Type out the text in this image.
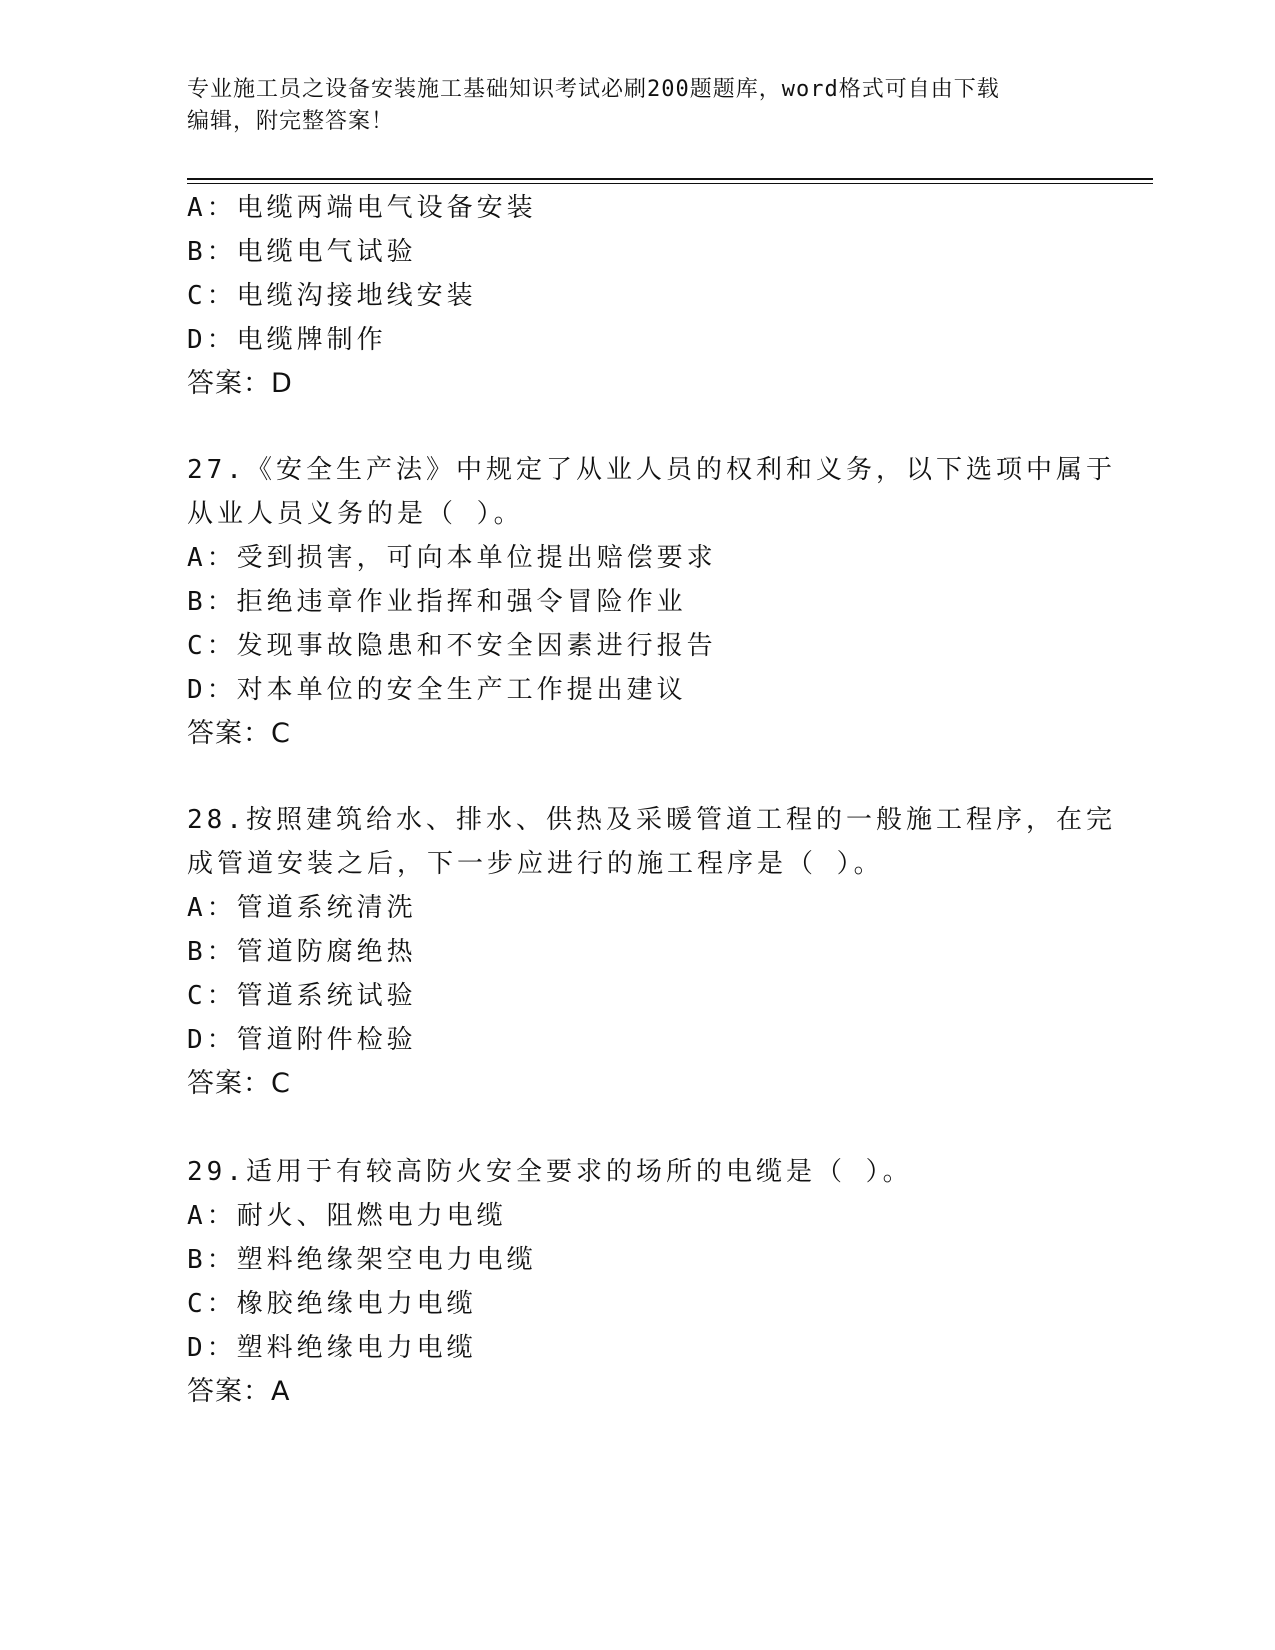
专业施工员之设备安装施工基础知识考试必刷200题题库，word格式可自由下载
编辑，附完整答案！
A：电缆两端电气设备安装
B：电缆电气试验
C：电缆沟接地线安装
D：电缆牌制作
答案：D
27.《安全生产法》中规定了从业人员的权利和义务，以下选项中属于
从业人员义务的是（ ）。
A：受到损害，可向本单位提出赔偿要求
B：拒绝违章作业指挥和强令冒险作业
C：发现事故隐患和不安全因素进行报告
D：对本单位的安全生产工作提出建议
答案：C
28.按照建筑给水、排水、供热及采暖管道工程的一般施工程序，在完
成管道安装之后，下一步应进行的施工程序是（ ）。
A：管道系统清洗
B：管道防腐绝热
C：管道系统试验
D：管道附件检验
答案：C
29.适用于有较高防火安全要求的场所的电缆是（ ）。
A：耐火、阻燃电力电缆
B：塑料绝缘架空电力电缆
C：橡胶绝缘电力电缆
D：塑料绝缘电力电缆
答案：A
